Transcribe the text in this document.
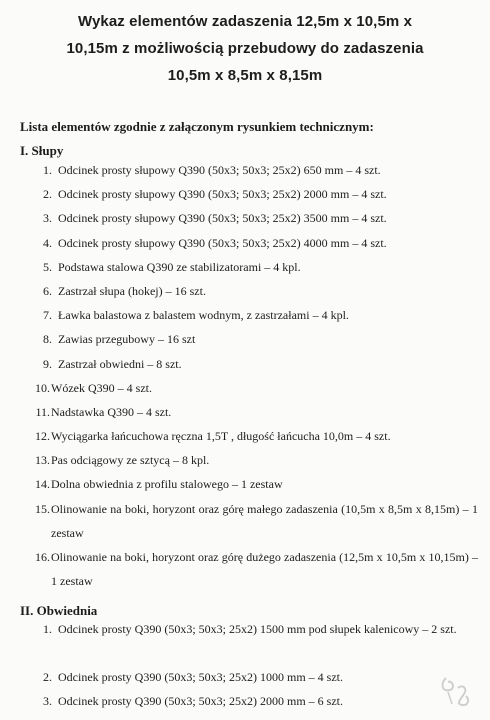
Wykaz elementów zadaszenia 12,5m x 10,5m x
10,15m z możliwością przebudowy do zadaszenia
10,5m x 8,5m x 8,15m
Lista elementów zgodnie z załączonym rysunkiem technicznym:
I. Słupy
1. Odcinek prosty słupowy Q390 (50x3; 50x3; 25x2) 650 mm – 4 szt.
2. Odcinek prosty słupowy Q390 (50x3; 50x3; 25x2) 2000 mm – 4 szt.
3. Odcinek prosty słupowy Q390 (50x3; 50x3; 25x2) 3500 mm – 4 szt.
4. Odcinek prosty słupowy Q390 (50x3; 50x3; 25x2) 4000 mm – 4 szt.
5. Podstawa stalowa Q390 ze stabilizatorami – 4 kpl.
6. Zastrzał słupa (hokej) – 16 szt.
7. Ławka balastowa z balastem wodnym, z zastrzałami – 4 kpl.
8. Zawias przegubowy – 16 szt
9. Zastrzał obwiedni – 8 szt.
10. Wózek Q390 – 4 szt.
11. Nadstawka Q390 – 4 szt.
12. Wyciągarka łańcuchowa ręczna 1,5T , długość łańcucha 10,0m – 4 szt.
13. Pas odciągowy ze sztycą – 8 kpl.
14. Dolna obwiednia z profilu stalowego – 1 zestaw
15. Olinowanie na boki, horyzont oraz górę małego zadaszenia (10,5m x 8,5m x 8,15m) – 1 zestaw
16. Olinowanie na boki, horyzont oraz górę dużego zadaszenia (12,5m x 10,5m x 10,15m) – 1 zestaw
II. Obwiednia
1. Odcinek prosty Q390 (50x3; 50x3; 25x2) 1500 mm pod słupek kalenicowy – 2 szt.
2. Odcinek prosty Q390 (50x3; 50x3; 25x2) 1000 mm – 4 szt.
3. Odcinek prosty Q390 (50x3; 50x3; 25x2) 2000 mm – 6 szt.
